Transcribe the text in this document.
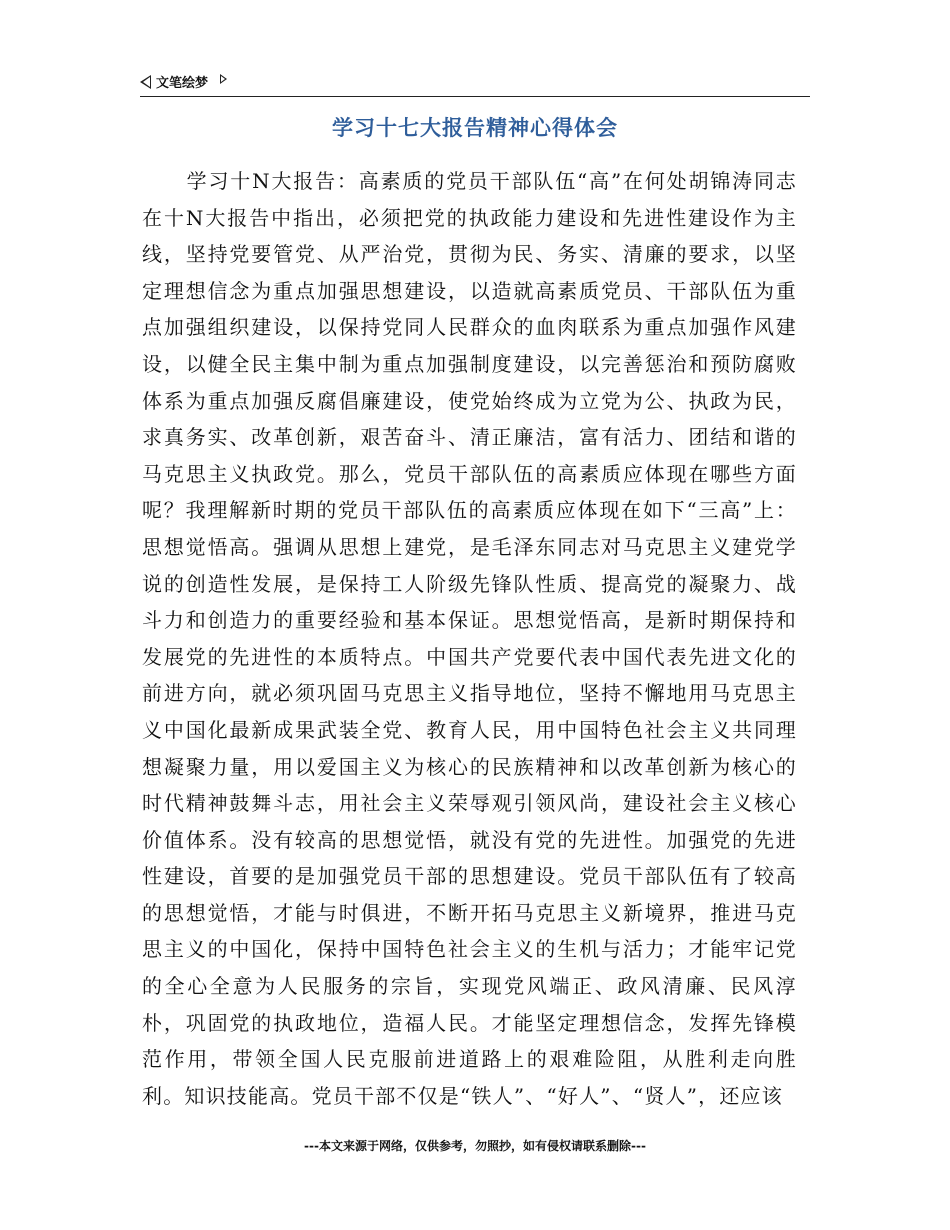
文笔绘梦
学习十七大报告精神心得体会

学习十N大报告：高素质的党员干部队伍“高”在何处胡锦涛同志在十N大报告中指出，必须把党的执政能力建设和先进性建设作为主线，坚持党要管党、从严治党，贯彻为民、务实、清廉的要求，以坚定理想信念为重点加强思想建设，以造就高素质党员、干部队伍为重点加强组织建设，以保持党同人民群众的血肉联系为重点加强作风建设，以健全民主集中制为重点加强制度建设，以完善惩治和预防腐败体系为重点加强反腐倡廉建设，使党始终成为立党为公、执政为民，求真务实、改革创新，艰苦奋斗、清正廉洁，富有活力、团结和谐的马克思主义执政党。那么，党员干部队伍的高素质应体现在哪些方面呢？我理解新时期的党员干部队伍的高素质应体现在如下“三高”上：思想觉悟高。强调从思想上建党，是毛泽东同志对马克思主义建党学说的创造性发展，是保持工人阶级先锋队性质、提高党的凝聚力、战斗力和创造力的重要经验和基本保证。思想觉悟高，是新时期保持和发展党的先进性的本质特点。中国共产党要代表中国代表先进文化的前进方向，就必须巩固马克思主义指导地位，坚持不懈地用马克思主义中国化最新成果武装全党、教育人民，用中国特色社会主义共同理想凝聚力量，用以爱国主义为核心的民族精神和以改革创新为核心的时代精神鼓舞斗志，用社会主义荣辱观引领风尚，建设社会主义核心价值体系。没有较高的思想觉悟，就没有党的先进性。加强党的先进性建设，首要的是加强党员干部的思想建设。党员干部队伍有了较高的思想觉悟，才能与时俱进，不断开拓马克思主义新境界，推进马克思主义的中国化，保持中国特色社会主义的生机与活力；才能牢记党的全心全意为人民服务的宗旨，实现党风端正、政风清廉、民风淳朴，巩固党的执政地位，造福人民。才能坚定理想信念，发挥先锋模范作用，带领全国人民克服前进道路上的艰难险阻，从胜利走向胜利。知识技能高。党员干部不仅是“铁人”、“好人”、“贤人”，还应该

---本文来源于网络，仅供参考，勿照抄，如有侵权请联系删除---
